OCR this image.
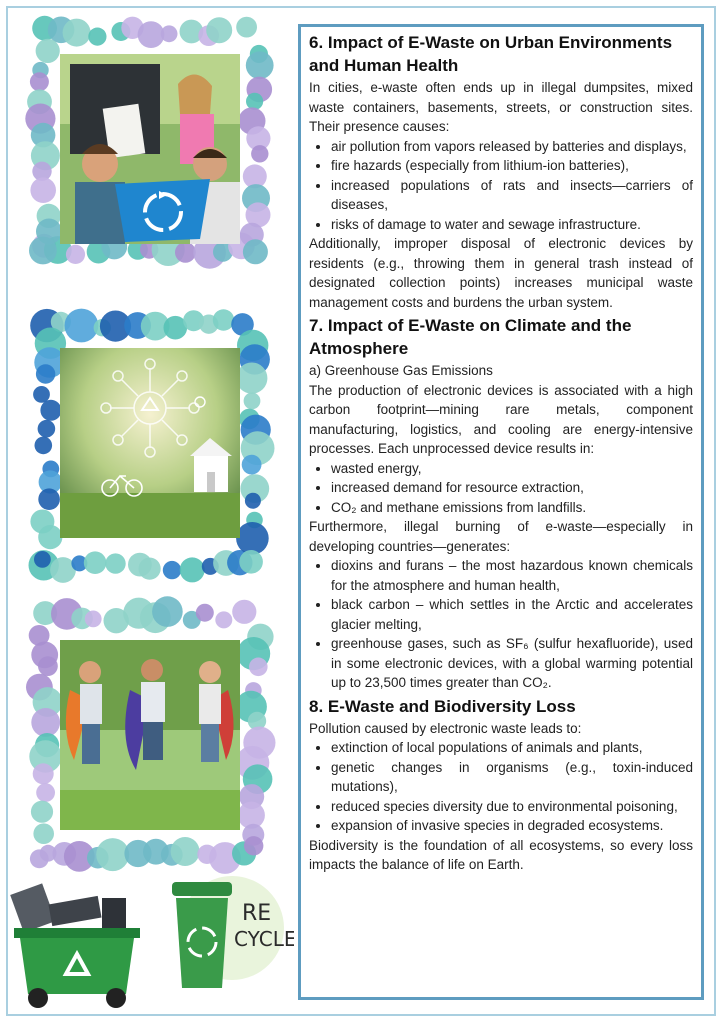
RE
CYCLE
6. Impact of E-Waste on Urban Environments and Human Health

In cities, e-waste often ends up in illegal dumpsites, mixed waste containers, basements, streets, or construction sites. Their presence causes:

• air pollution from vapors released by batteries and displays,
• fire hazards (especially from lithium-ion batteries),
• increased populations of rats and insects—carriers of diseases,
• risks of damage to water and sewage infrastructure.

Additionally, improper disposal of electronic devices by residents (e.g., throwing them in general trash instead of designated collection points) increases municipal waste management costs and burdens the urban system.

7. Impact of E-Waste on Climate and the Atmosphere

a) Greenhouse Gas Emissions

The production of electronic devices is associated with a high carbon footprint—mining rare metals, component manufacturing, logistics, and cooling are energy-intensive processes. Each unprocessed device results in:

• wasted energy,
• increased demand for resource extraction,
• CO₂ and methane emissions from landfills.

Furthermore, illegal burning of e-waste—especially in developing countries—generates:

• dioxins and furans – the most hazardous known chemicals for the atmosphere and human health,
• black carbon – which settles in the Arctic and accelerates glacier melting,
• greenhouse gases, such as SF₆ (sulfur hexafluoride), used in some electronic devices, with a global warming potential up to 23,500 times greater than CO₂.
8. E-Waste and Biodiversity Loss

Pollution caused by electronic waste leads to:

• extinction of local populations of animals and plants,
• genetic changes in organisms (e.g., toxin-induced mutations),
• reduced species diversity due to environmental poisoning,
• expansion of invasive species in degraded ecosystems.

Biodiversity is the foundation of all ecosystems, so every loss impacts the balance of life on Earth.
